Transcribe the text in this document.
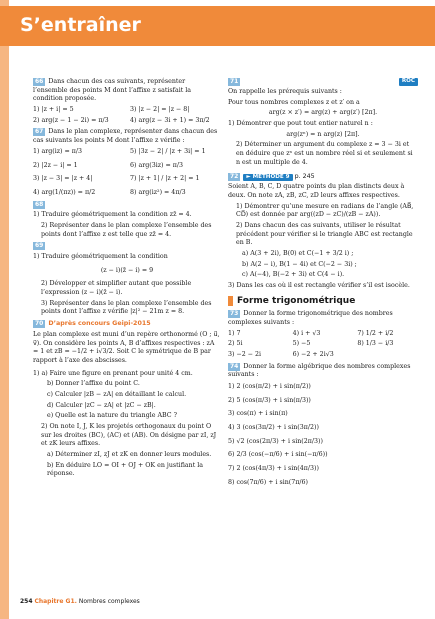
S’entraîner
66 Dans chacun des cas suivants, représenter l’ensemble des points M dont l’affixe z satisfait la condition proposée.
1) |z + i| = 5	3) |z − 2| = |z − 8|
2) arg(z − 1 − 2i) = π/3	4) arg(z − 3i + 1) = 3π/2
67 Dans le plan complexe, représenter dans chacun des cas suivants les points M dont l’affixe z vérifie :
1) arg(iz) = π/3	5) |3z − 2| / |z + 3i| = 1
2) |2z − i| = 1	6) arg(3iz) = π/3
3) |z − 3| = |z + 4|	7) |z + 1| / |z + 2| = 1
4) arg(1/(πz)) = π/2	8) arg(iz²) = 4π/3
68
1) Traduire géométriquement la condition zz̄ = 4.
2) Représenter dans le plan complexe l’ensemble des points dont l’affixe z est telle que zz̄ = 4.
69
1) Traduire géométriquement la condition
(z − i)(z̄ − i) = 9
2) Développer et simplifier autant que possible l’expression (z − i)(z̄ − i).
3) Représenter dans le plan complexe l’ensemble des points dont l’affixe z vérifie |z|² − 21m z = 8.
70 D’après concours Geipi-2015
Le plan complexe est muni d’un repère orthonormé (O ; u⃗, v⃗). On considère les points A, B d’affixes respectives : zA = 1 et zB = −1/2 + i√3/2. Soit C le symétrique de B par rapport à l’axe des abscisses.
1) a) Faire une figure en prenant pour unité 4 cm.
b) Donner l’affixe du point C.
c) Calculer |zB − zA| en détaillant le calcul.
d) Calculer |zC − zA| et |zC − zB|.
e) Quelle est la nature du triangle ABC ?
2) On note I, J, K les projetés orthogonaux du point O sur les droites (BC), (AC) et (AB). On désigne par zI, zJ et zK leurs affixes.
a) Déterminer zI, zJ et zK en donner leurs modules.
b) En déduire LO = OI + OJ + OK en justifiant la réponse.
71	ROC
On rappelle les prérequis suivants :
Pour tous nombres complexes z et z′ on a
arg(z × z′) = arg(z) + arg(z′) [2π].
1) Démontrer que pout tout entier naturel n :
arg(zⁿ) = n arg(z) [2π].
2) Déterminer un argument du complexe z = 3 − 3i et en déduire que zⁿ est un nombre réel si et seulement si n est un multiple de 4.
72 ► MÉTHODE 9 p. 245
Soient A, B, C, D quatre points du plan distincts deux à deux. On note zA, zB, zC, zD leurs affixes respectives.
1) Démontrer qu’une mesure en radians de l’angle (AB⃗, CD⃗) est donnée par arg((zD − zC)/(zB − zA)).
2) Dans chacun des cas suivants, utiliser le résultat précédent pour vérifier si le triangle ABC est rectangle en B.
a) A(3 + 2i), B(0) et C(−1 + 3/2 i) ;
b) A(2 − i), B(1 − 4i) et C(−2 − 3i) ;
c) A(−4), B(−2 + 3i) et C(4 − i).
3) Dans les cas où il est rectangle vérifier s’il est isocèle.
Forme trigonométrique
73 Donner la forme trigonométrique des nombres complexes suivants :
1) 7	4) i + √3	7) 1/2 + i/2
2) 5i	5) −5	8) 1/3 − i/3
3) −2 − 2i	6) −2 + 2i√3
74 Donner la forme algébrique des nombres complexes suivants :
1) 2 (cos(π/2) + i sin(π/2))
2) 5 (cos(π/3) + i sin(π/3))
3) cos(π) + i sin(π)
4) 3 (cos(3π/2) + i sin(3π/2))
5) √2 (cos(2π/3) + i sin(2π/3))
6) 2/3 (cos(−π/6) + i sin(−π/6))
7) 2 (cos(4π/3) + i sin(4π/3))
8) cos(7π/6) + i sin(7π/6)
254 Chapitre G1. Nombres complexes
